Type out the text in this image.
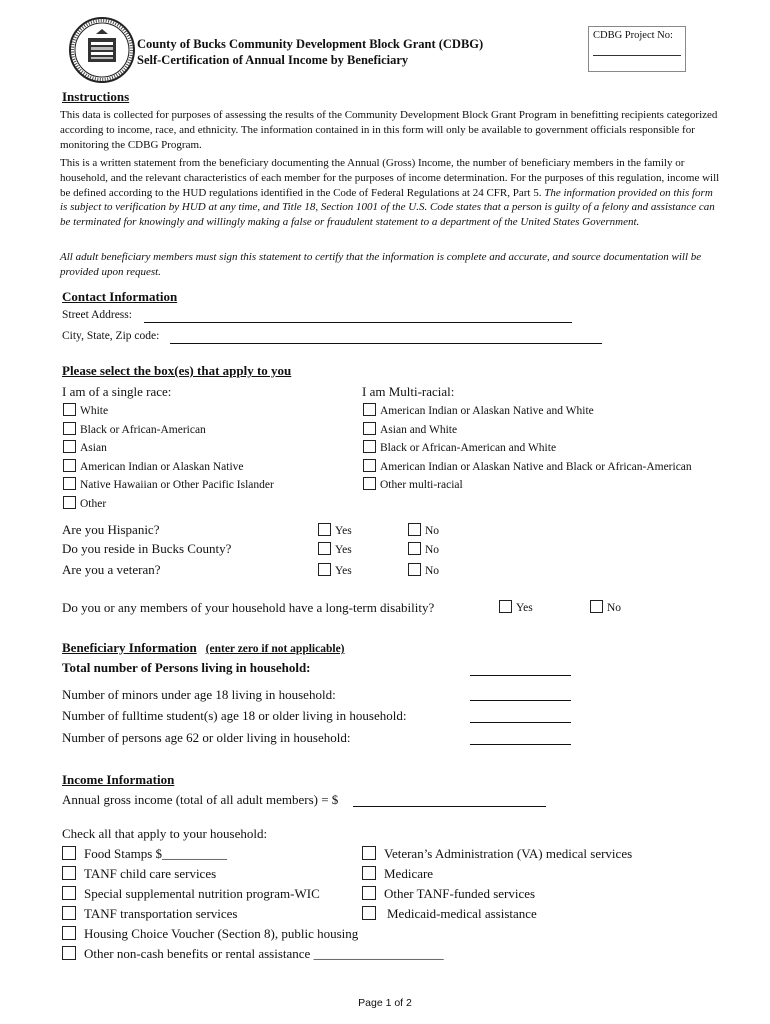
County of Bucks Community Development Block Grant (CDBG)
Self-Certification of Annual Income by Beneficiary
CDBG Project No:
Instructions
This data is collected for purposes of assessing the results of the Community Development Block Grant Program in benefitting recipients categorized according to income, race, and ethnicity. The information contained in in this form will only be available to government officials responsible for monitoring the CDBG Program.
This is a written statement from the beneficiary documenting the Annual (Gross) Income, the number of beneficiary members in the family or household, and the relevant characteristics of each member for the purposes of income determination. For the purposes of this regulation, income will be defined according to the HUD regulations identified in the Code of Federal Regulations at 24 CFR, Part 5. The information provided on this form is subject to verification by HUD at any time, and Title 18, Section 1001 of the U.S. Code states that a person is guilty of a felony and assistance can be terminated for knowingly and willingly making a false or fraudulent statement to a department of the United States Government.
All adult beneficiary members must sign this statement to certify that the information is complete and accurate, and source documentation will be provided upon request.
Contact Information
Street Address:
City, State, Zip code:
Please select the box(es) that apply to you
I am of a single race:	I am Multi-racial:
White
Black or African-American
Asian
American Indian or Alaskan Native
Native Hawaiian or Other Pacific Islander
Other
American Indian or Alaskan Native and White
Asian and White
Black or African-American and White
American Indian or Alaskan Native and Black or African-American
Other multi-racial
Are you Hispanic?	Yes	No
Do you reside in Bucks County?	Yes	No
Are you a veteran?	Yes	No
Do you or any members of your household have a long-term disability?	Yes	No
Beneficiary Information (enter zero if not applicable)
Total number of Persons living in household:
Number of minors under age 18 living in household:
Number of fulltime student(s) age 18 or older living in household:
Number of persons age 62 or older living in household:
Income Information
Annual gross income (total of all adult members) = $
Check all that apply to your household:
Food Stamps $__________
TANF child care services
Special supplemental nutrition program-WIC
TANF transportation services
Housing Choice Voucher (Section 8), public housing
Other non-cash benefits or rental assistance ____________________
Veteran’s Administration (VA) medical services
Medicare
Other TANF-funded services
Medicaid-medical assistance
Page 1 of 2
